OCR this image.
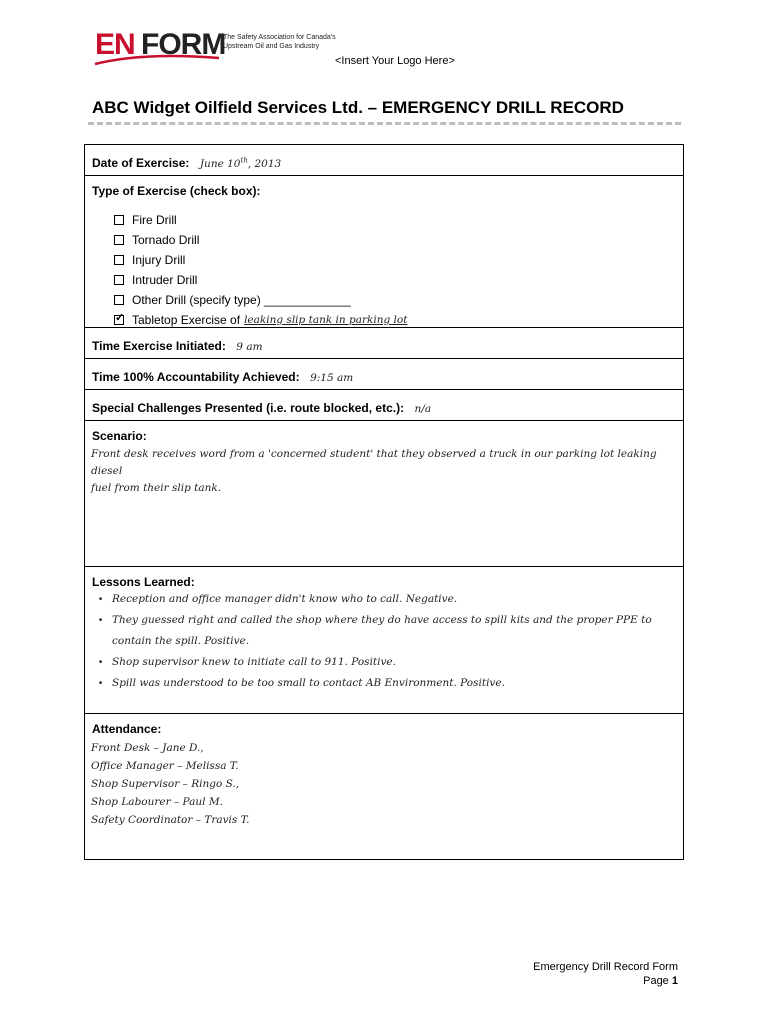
EN FORM
The Safety Association for Canada's
Upstream Oil and Gas Industry
<Insert Your Logo Here>
ABC Widget Oilfield Services Ltd. – EMERGENCY DRILL RECORD
Date of Exercise: June 10th, 2013
Type of Exercise (check box):
Fire Drill
Tornado Drill
Injury Drill
Intruder Drill
Other Drill (specify type) _____________
✓ Tabletop Exercise of leaking slip tank in parking lot
Time Exercise Initiated: 9 am
Time 100% Accountability Achieved: 9:15 am
Special Challenges Presented (i.e. route blocked, etc.): n/a
Scenario:
Front desk receives word from a 'concerned student' that they observed a truck in our parking lot leaking diesel
fuel from their slip tank.
Lessons Learned:
• Reception and office manager didn't know who to call. Negative.
• They guessed right and called the shop where they do have access to spill kits and the proper PPE to contain the spill. Positive.
• Shop supervisor knew to initiate call to 911. Positive.
• Spill was understood to be too small to contact AB Environment. Positive.
Attendance:
Front Desk – Jane D.,
Office Manager – Melissa T.
Shop Supervisor – Ringo S.,
Shop Labourer – Paul M.
Safety Coordinator – Travis T.
Emergency Drill Record Form
Page 1
